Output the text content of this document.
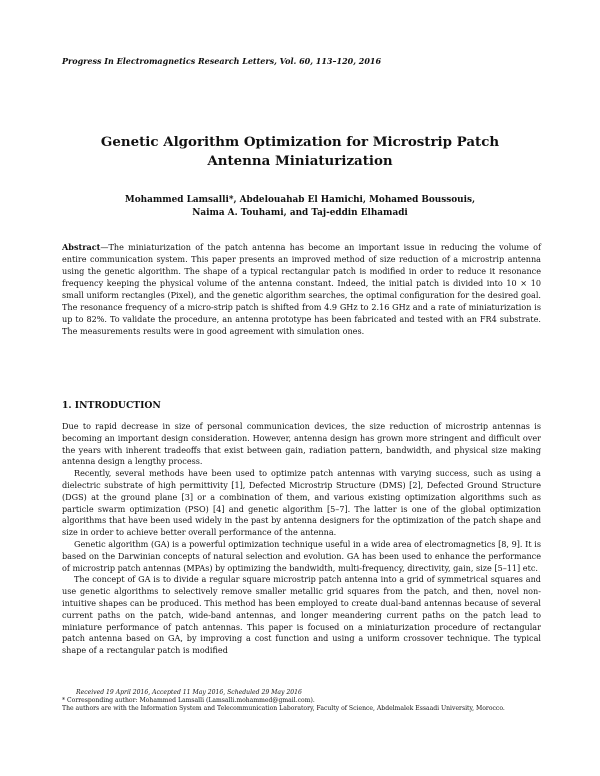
Progress In Electromagnetics Research Letters, Vol. 60, 113–120, 2016
Genetic Algorithm Optimization for Microstrip Patch
Antenna Miniaturization
Mohammed Lamsalli*, Abdelouahab El Hamichi, Mohamed Boussouis,
Naima A. Touhami, and Taj-eddin Elhamadi
Abstract—The miniaturization of the patch antenna has become an important issue in reducing the volume of entire communication system. This paper presents an improved method of size reduction of a microstrip antenna using the genetic algorithm. The shape of a typical rectangular patch is modified in order to reduce it resonance frequency keeping the physical volume of the antenna constant. Indeed, the initial patch is divided into 10 × 10 small uniform rectangles (Pixel), and the genetic algorithm searches, the optimal configuration for the desired goal. The resonance frequency of a micro-strip patch is shifted from 4.9 GHz to 2.16 GHz and a rate of miniaturization is up to 82%. To validate the procedure, an antenna prototype has been fabricated and tested with an FR4 substrate. The measurements results were in good agreement with simulation ones.
1. INTRODUCTION

Due to rapid decrease in size of personal communication devices, the size reduction of microstrip antennas is becoming an important design consideration. However, antenna design has grown more stringent and difficult over the years with inherent tradeoffs that exist between gain, radiation pattern, bandwidth, and physical size making antenna design a lengthy process.

Recently, several methods have been used to optimize patch antennas with varying success, such as using a dielectric substrate of high permittivity [1], Defected Microstrip Structure (DMS) [2], Defected Ground Structure (DGS) at the ground plane [3] or a combination of them, and various existing optimization algorithms such as particle swarm optimization (PSO) [4] and genetic algorithm [5–7]. The latter is one of the global optimization algorithms that have been used widely in the past by antenna designers for the optimization of the patch shape and size in order to achieve better overall performance of the antenna.

Genetic algorithm (GA) is a powerful optimization technique useful in a wide area of electromagnetics [8, 9]. It is based on the Darwinian concepts of natural selection and evolution. GA has been used to enhance the performance of microstrip patch antennas (MPAs) by optimizing the bandwidth, multi-frequency, directivity, gain, size [5–11] etc.

The concept of GA is to divide a regular square microstrip patch antenna into a grid of symmetrical squares and use genetic algorithms to selectively remove smaller metallic grid squares from the patch, and then, novel non-intuitive shapes can be produced. This method has been employed to create dual-band antennas because of several current paths on the patch, wide-band antennas, and longer meandering current paths on the patch lead to miniature performance of patch antennas. This paper is focused on a miniaturization procedure of rectangular patch antenna based on GA, by improving a cost function and using a uniform crossover technique. The typical shape of a rectangular patch is modified

Received 19 April 2016, Accepted 11 May 2016, Scheduled 29 May 2016

* Corresponding author: Mohammed Lamsalli (Lamsalli.mohammed@gmail.com).

The authors are with the Information System and Telecommunication Laboratory, Faculty of Science, Abdelmalek Essaadi University, Morocco.
